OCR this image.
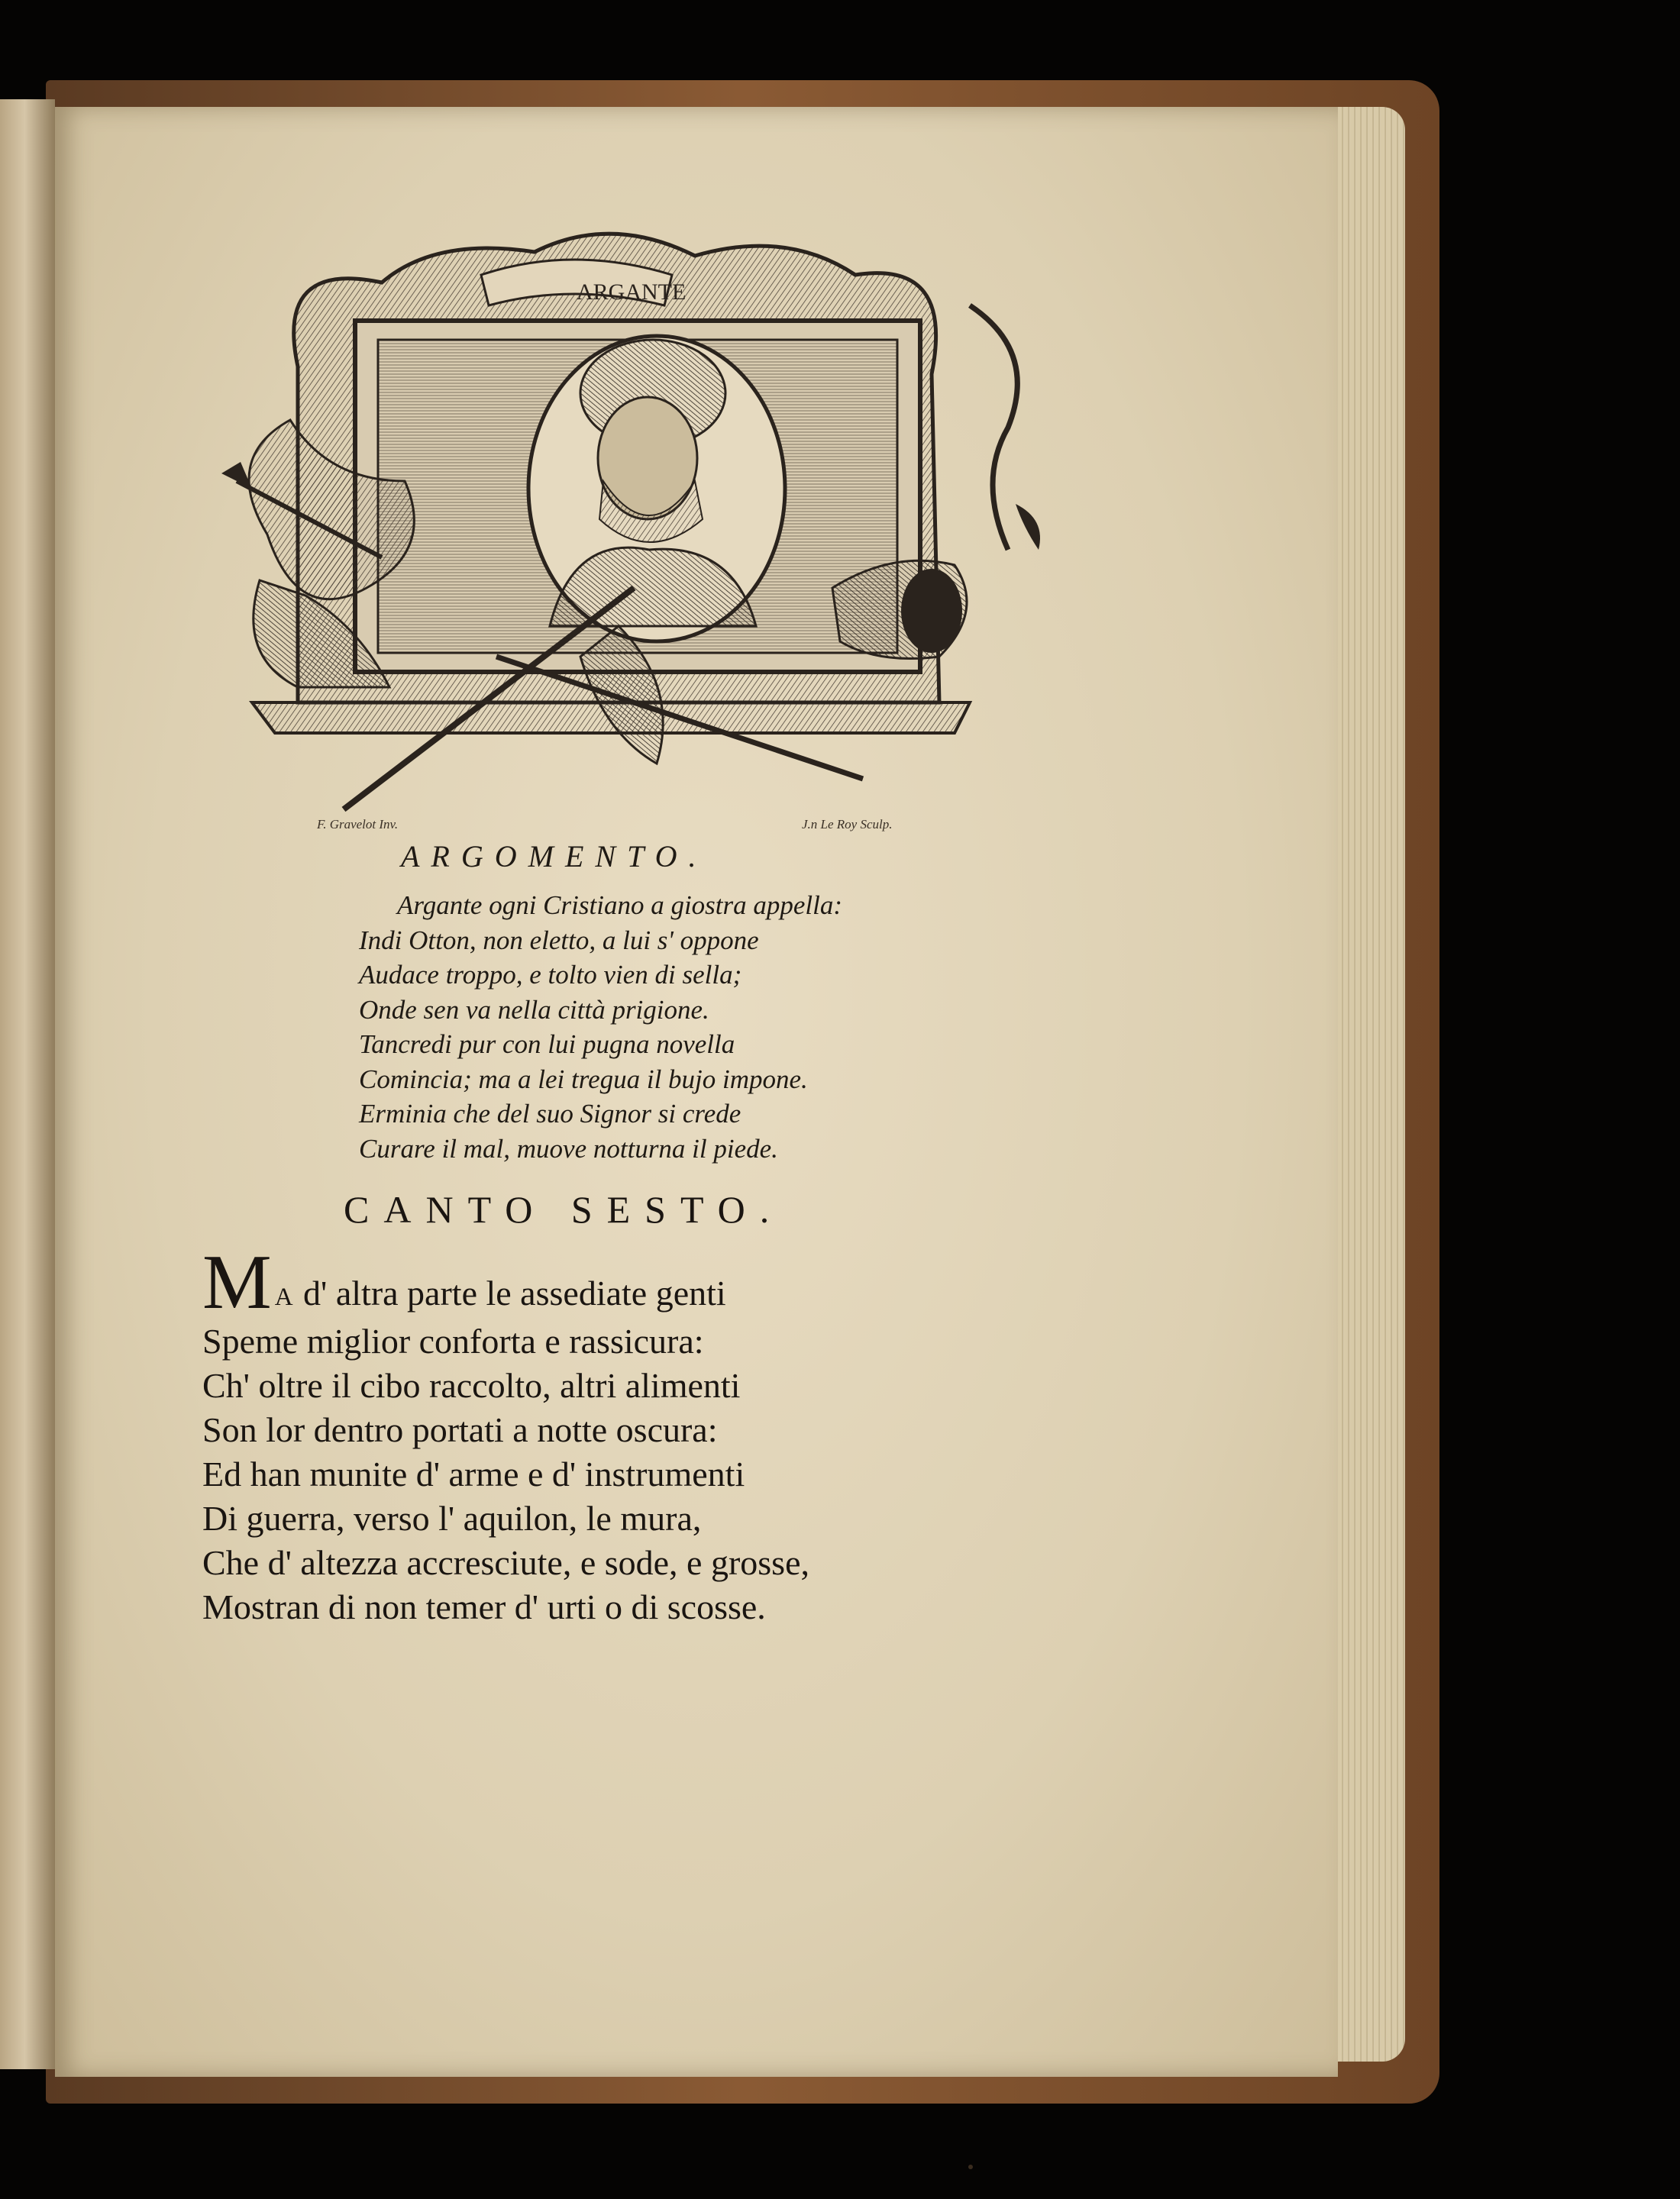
ARGANTE
F. Gravelot Inv.	J.n Le Roy Sculp.
ARGOMENTO.
Argante ogni Cristiano a giostra appella:
Indi Otton, non eletto, a lui s' oppone
Audace troppo, e tolto vien di sella;
Onde sen va nella città prigione.
Tancredi pur con lui pugna novella
Comincia; ma a lei tregua il bujo impone.
Erminia che del suo Signor si crede
Curare il mal, muove notturna il piede.
CANTO SESTO.
M A d' altra parte le assediate genti
Speme miglior conforta e rassicura:
Ch' oltre il cibo raccolto, altri alimenti
Son lor dentro portati a notte oscura:
Ed han munite d' arme e d' instrumenti
Di guerra, verso l' aquilon, le mura,
Che d' altezza accresciute, e sode, e grosse,
Mostran di non temer d' urti o di scosse.
